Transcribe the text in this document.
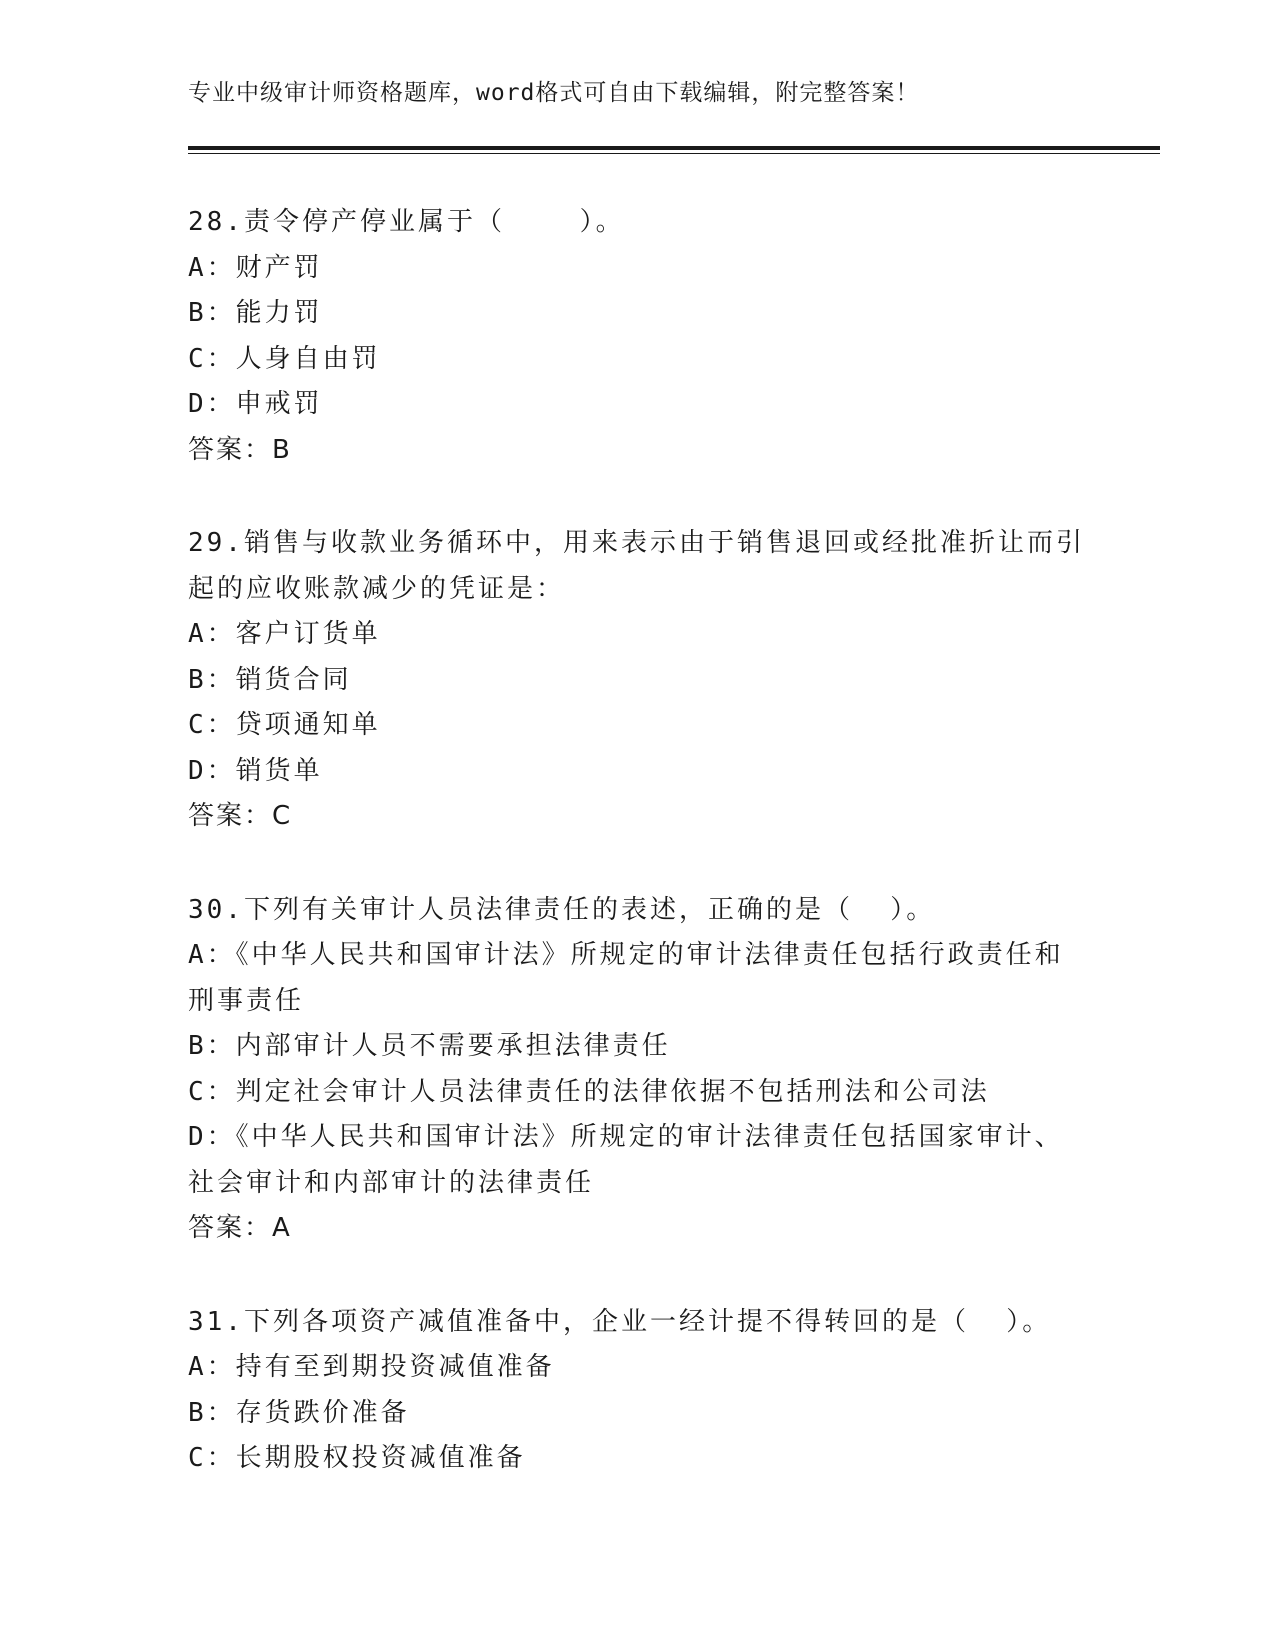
专业中级审计师资格题库，word格式可自由下载编辑，附完整答案！
28.责令停产停业属于（    ）。
A：财产罚
B：能力罚
C：人身自由罚
D：申戒罚
答案：B
29.销售与收款业务循环中，用来表示由于销售退回或经批准折让而引
起的应收账款减少的凭证是：
A：客户订货单
B：销货合同
C：贷项通知单
D：销货单
答案：C
30.下列有关审计人员法律责任的表述，正确的是（  ）。
A：《中华人民共和国审计法》所规定的审计法律责任包括行政责任和
刑事责任
B：内部审计人员不需要承担法律责任
C：判定社会审计人员法律责任的法律依据不包括刑法和公司法
D：《中华人民共和国审计法》所规定的审计法律责任包括国家审计、
社会审计和内部审计的法律责任
答案：A
31.下列各项资产减值准备中，企业一经计提不得转回的是（  ）。
A：持有至到期投资减值准备
B：存货跌价准备
C：长期股权投资减值准备
